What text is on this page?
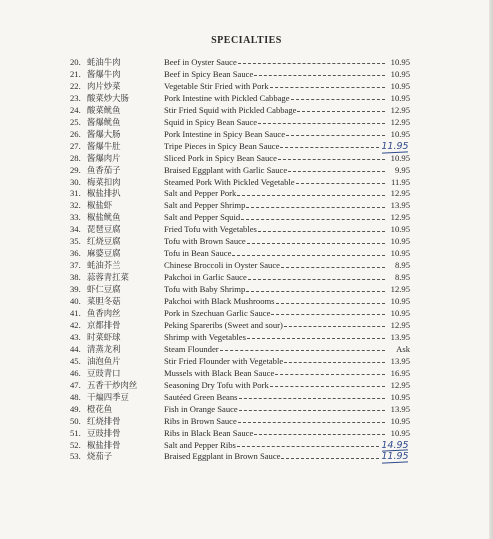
SPECIALTIES
20. 蚝油牛肉	Beef in Oyster Sauce	10.95
21. 酱爆牛肉	Beef in Spicy Bean Sauce	10.95
22. 肉片炒菜	Vegetable Stir Fried with Pork	10.95
23. 酸菜炒大肠	Pork Intestine with Pickled Cabbage	10.95
24. 酸菜鱿鱼	Stir Fried Squid with Pickled Cabbage	12.95
25. 酱爆鱿鱼	Squid in Spicy Bean Sauce	12.95
26. 酱爆大肠	Pork Intestine in Spicy Bean Sauce	10.95
27. 酱爆牛肚	Tripe Pieces in Spicy Bean Sauce	11.95
28. 酱爆肉片	Sliced Pork in Spicy Bean Sauce	10.95
29. 鱼香茄子	Braised Eggplant with Garlic Sauce	9.95
30. 梅菜扣肉	Steamed Pork With Pickled Vegetable	11.95
31. 椒盐排扒	Salt and Pepper Pork	12.95
32. 椒盐虾	Salt and Pepper Shrimp	13.95
33. 椒盐鱿鱼	Salt and Pepper Squid	12.95
34. 琵琶豆腐	Fried Tofu with Vegetables	10.95
35. 红烧豆腐	Tofu with Brown Sauce	10.95
36. 麻婆豆腐	Tofu in Bean Sauce	10.95
37. 蚝油芥兰	Chinese Broccoli in Oyster Sauce	8.95
38. 蒜蓉青扛菜	Pakchoi in Garlic Sauce	8.95
39. 虾仁豆腐	Tofu with Baby Shrimp	12.95
40. 菜胆冬菇	Pakchoi with Black Mushrooms	10.95
41. 鱼香肉丝	Pork in Szechuan Garlic Sauce	10.95
42. 京都排骨	Peking Spareribs (Sweet and sour)	12.95
43. 时菜虾球	Shrimp with Vegetables	13.95
44. 清蒸龙利	Steam Flounder	Ask
45. 油泡鱼片	Stir Fried Flounder with Vegetable	13.95
46. 豆豉青口	Mussels with Black Bean Sauce	16.95
47. 五香干炒肉丝	Seasoning Dry Tofu with Pork	12.95
48. 干煸四季豆	Sautéed Green Beans	10.95
49. 橙花鱼	Fish in Orange Sauce	13.95
50. 红烧排骨	Ribs in Brown Sauce	10.95
51. 豆豉排骨	Ribs in Black Bean Sauce	10.95
52. 椒盐排骨	Salt and Pepper Ribs	14.95
53. 烧茄子	Braised Eggplant in Brown Sauce	11.95
